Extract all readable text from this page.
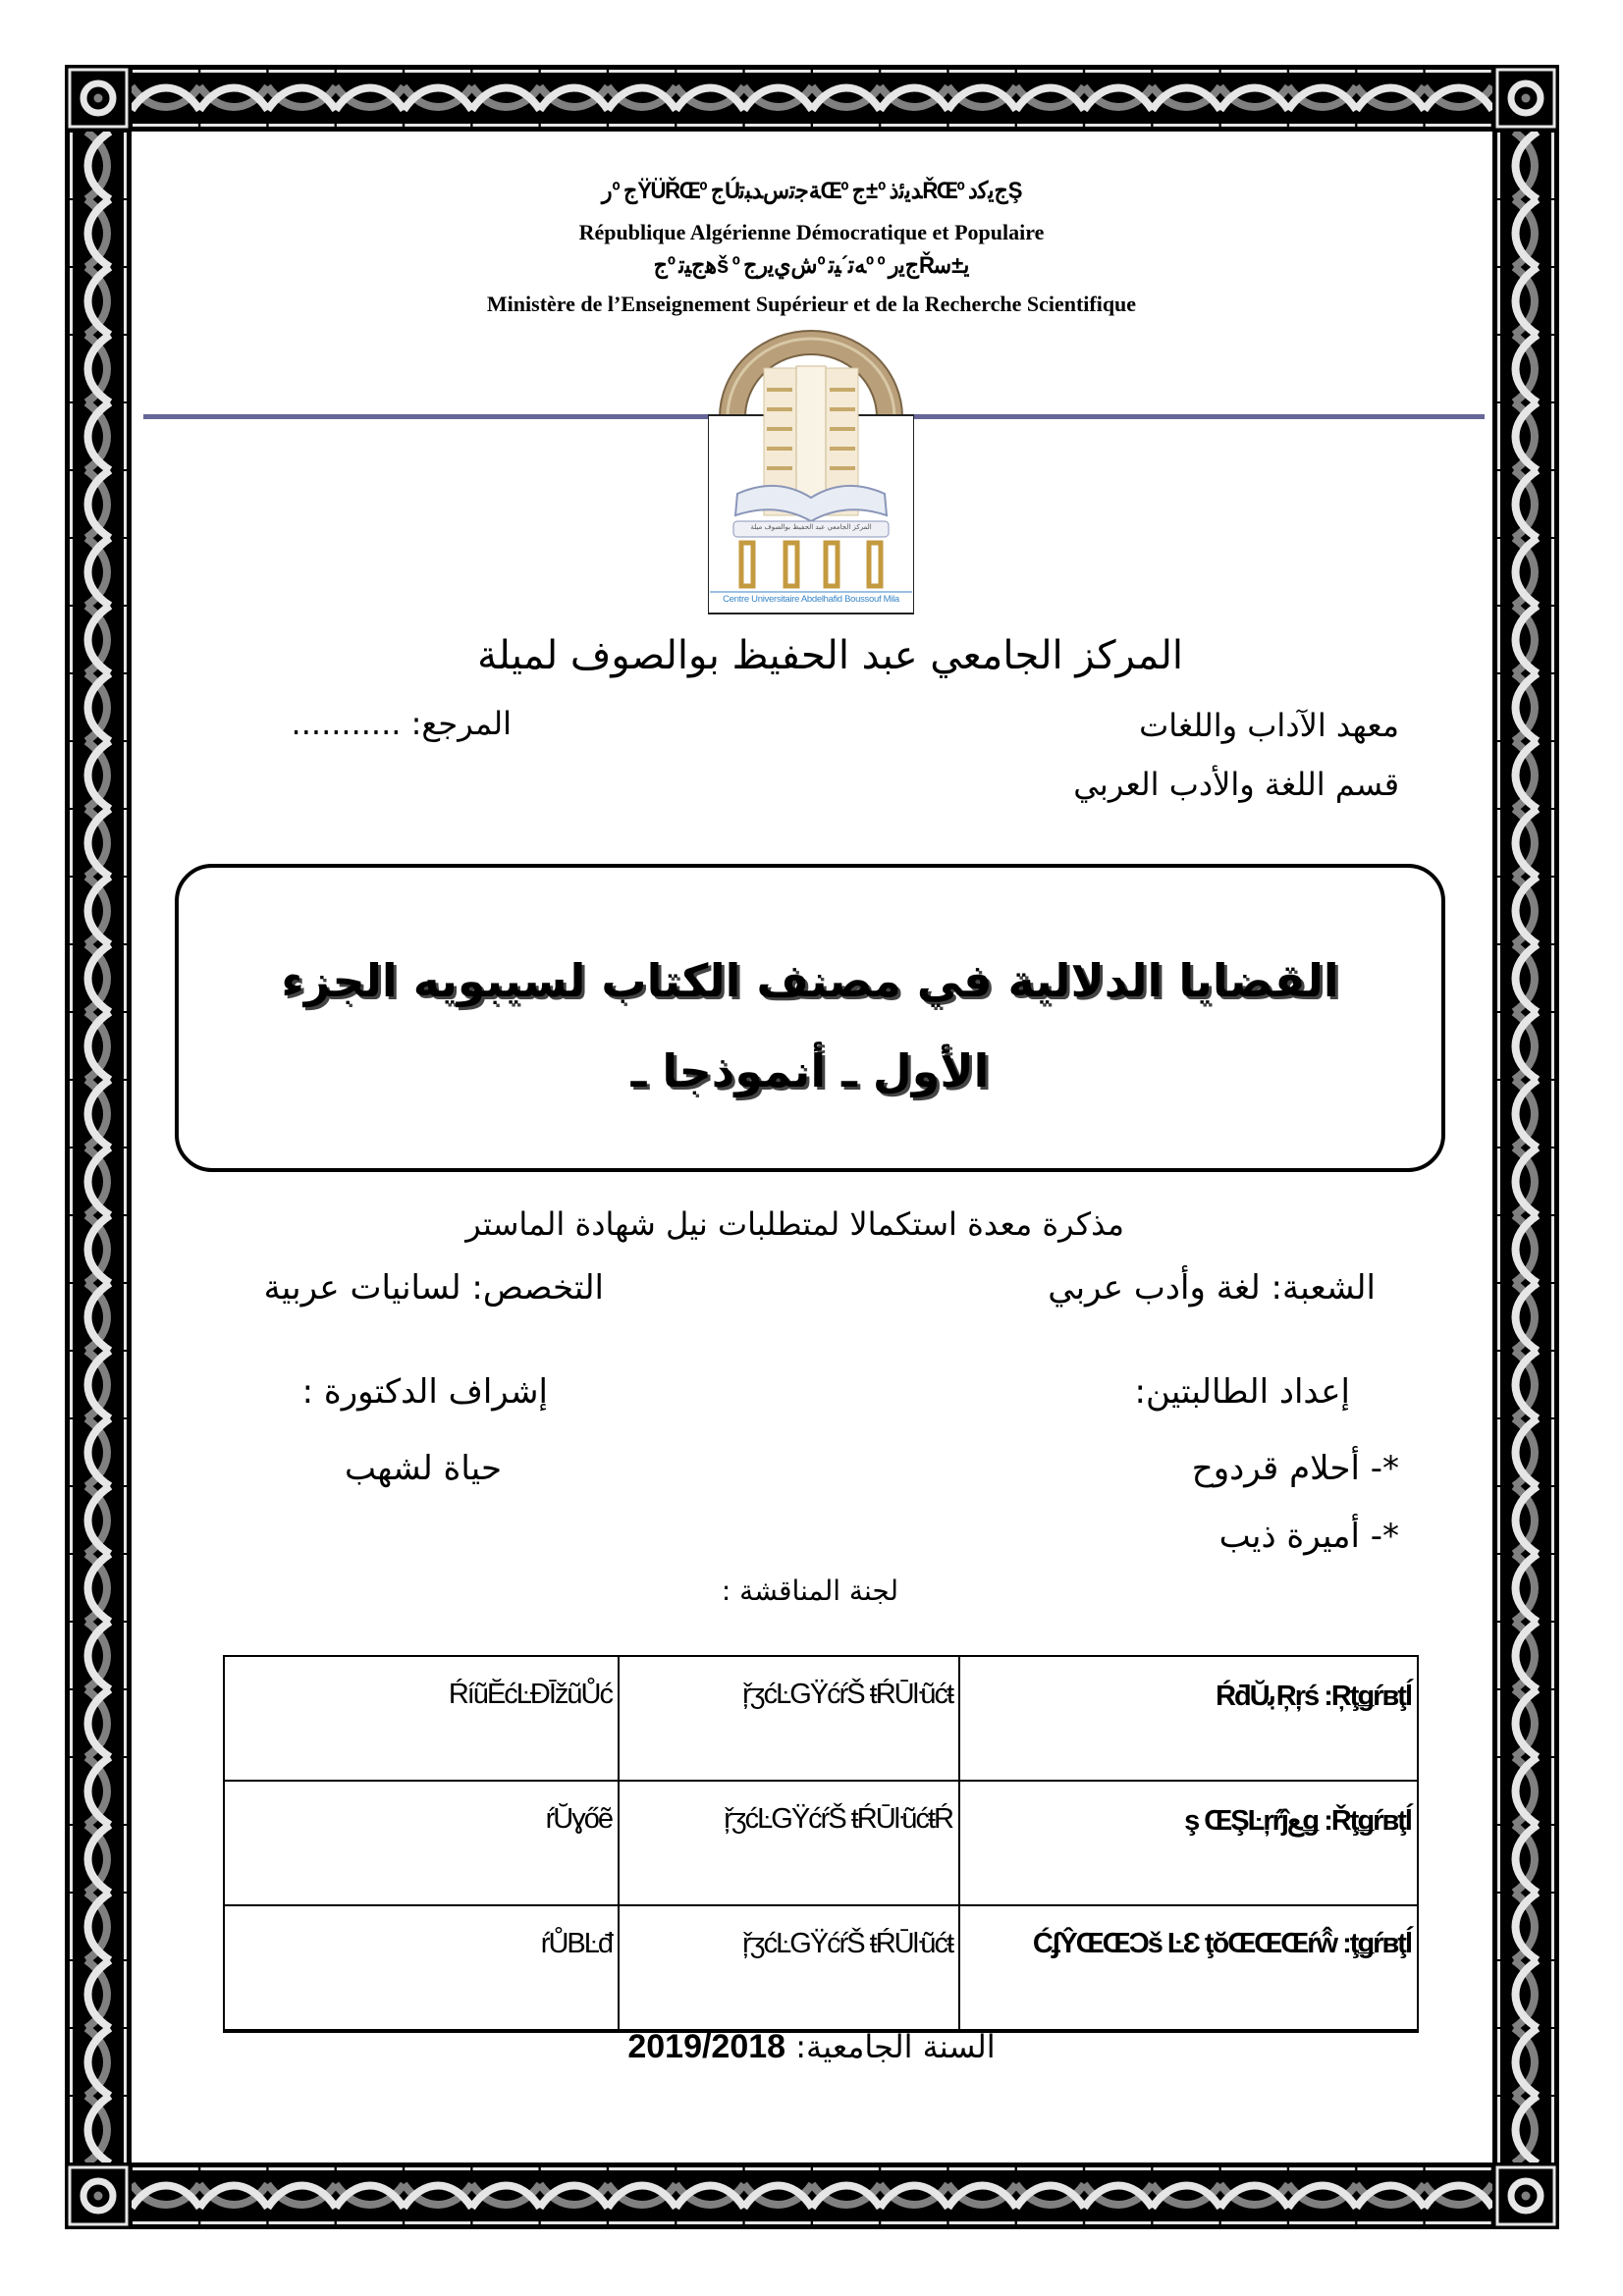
ﺭº ﺝŸÜŘŒº ﺝÚﺔﺟﺗﺱﺪﺒﺗŒº ﺝ±º ﺪﻳﺋﺫŘŒº ﺝﻳﻛﺩŞ
République Algérienne Démocratique et Populaire
ﺝº ﮬﺝﻴﺗš º ﺵﻱﻳﺭﺝº ﻪﺗ´ﻴﺗº º ﺝﻳﺭŘﻳ±ﺳ
Ministère de l’Enseignement Supérieur et de la Recherche Scientifique
المركز الجامعي عبد الحفيظ بوالصوف ميلة
Centre Universitaire Abdelhafid Boussouf Mila
المركز الجامعي عبد الحفيظ بوالصوف لميلة
معهد الآداب واللغات
المرجع: ...........
قسم اللغة والأدب العربي
القضايا الدلالية في مصنف الكتاب لسيبويه الجزء
الأول ـ أنموذجا ـ
مذكرة معدة استكمالا لمتطلبات نيل شهادة الماستر
الشعبة: لغة وأدب عربي
التخصص: لسانيات عربية
إعداد الطالبتين:
*- أحلام قردوح
*- أميرة ذيب
إشراف الدكتورة :
حياة لشهب
لجنة المناقشة :
ŔíũĔćĿĐĪžũŮć	ŗ̌ʒćĿGŸćŕŠ ŧŔŪŀũćŧ	ŔƌŬﺑŖŗś :Ŗţǥŕʙţĺ
ŕŬɣőẽ	ŗ̌ʒćĿGŸćŕŠ ŧŔŪŀũćŧŔ	ş ŒŞĿŗŕĵﻊǥ :Řţǥŕʙţĺ
ŕŮBĿđ	ŗ̌ʒćĿGŸćŕŠ ŧŔŪŀũćŧ	ĆʄŶŒŒƆš ĿƐ ţŏŒŒŒŕŵ̂ :ţǥŕʙţĺ
السنة الجامعية: 2019/2018
